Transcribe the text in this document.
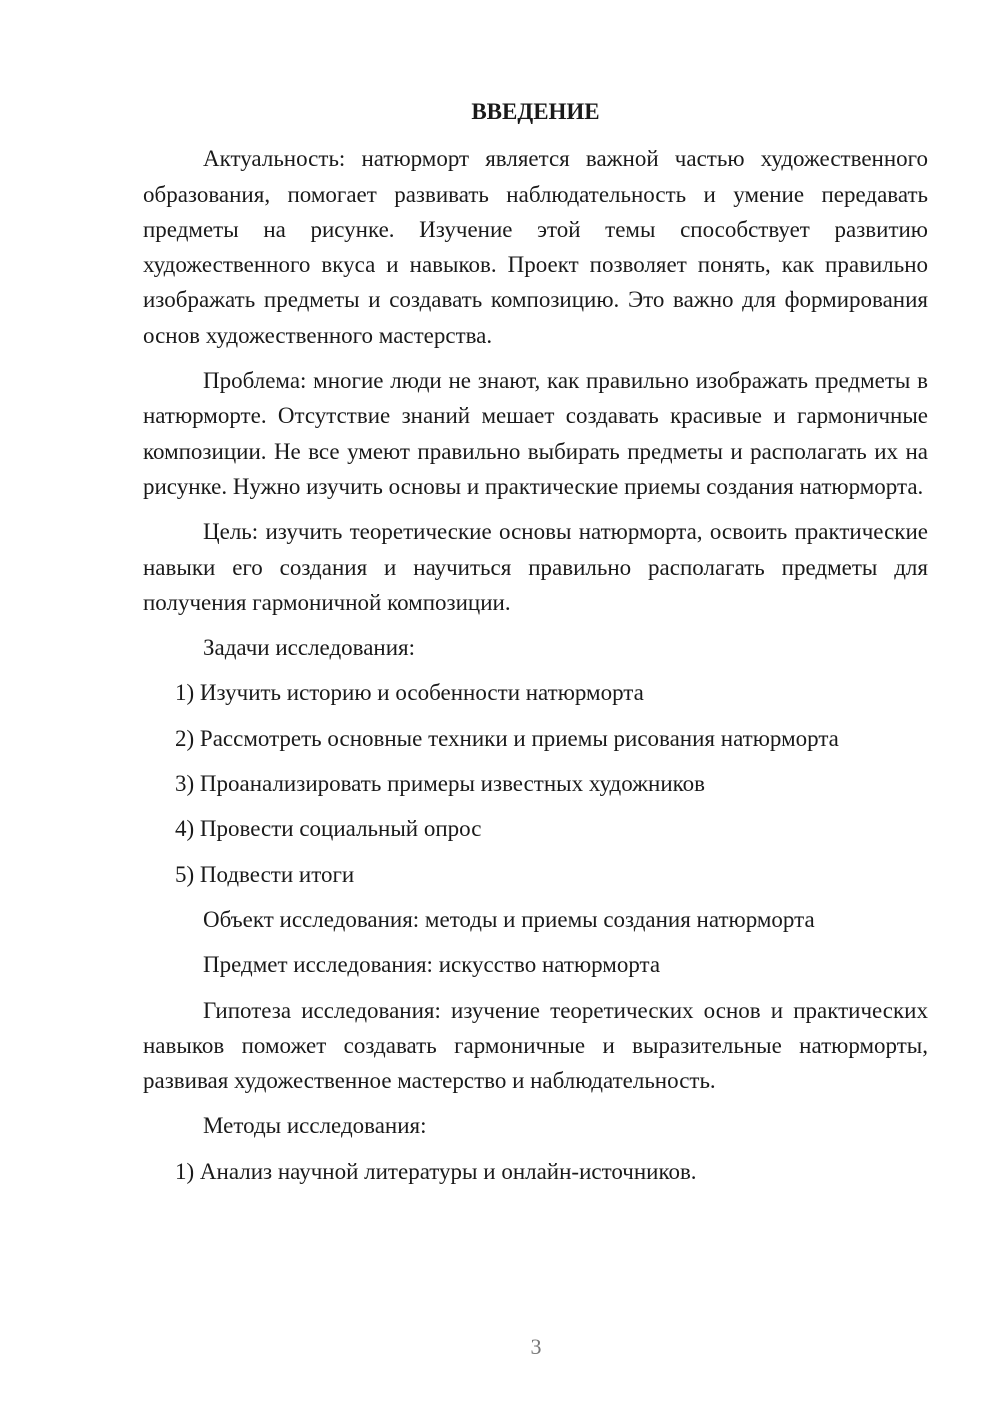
ВВЕДЕНИЕ

Актуальность: натюрморт является важной частью художественного образования, помогает развивать наблюдательность и умение передавать предметы на рисунке. Изучение этой темы способствует развитию художественного вкуса и навыков. Проект позволяет понять, как правильно изображать предметы и создавать композицию. Это важно для формирования основ художественного мастерства.

Проблема: многие люди не знают, как правильно изображать предметы в натюрморте. Отсутствие знаний мешает создавать красивые и гармоничные композиции. Не все умеют правильно выбирать предметы и располагать их на рисунке. Нужно изучить основы и практические приемы создания натюрморта.

Цель: изучить теоретические основы натюрморта, освоить практические навыки его создания и научиться правильно располагать предметы для получения гармоничной композиции.

Задачи исследования:
1) Изучить историю и особенности натюрморта
2) Рассмотреть основные техники и приемы рисования натюрморта
3) Проанализировать примеры известных художников
4) Провести социальный опрос
5) Подвести итоги
Объект исследования: методы и приемы создания натюрморта
Предмет исследования: искусство натюрморта

Гипотеза исследования: изучение теоретических основ и практических навыков поможет создавать гармоничные и выразительные натюрморты, развивая художественное мастерство и наблюдательность.

Методы исследования:
1) Анализ научной литературы и онлайн-источников.
3
